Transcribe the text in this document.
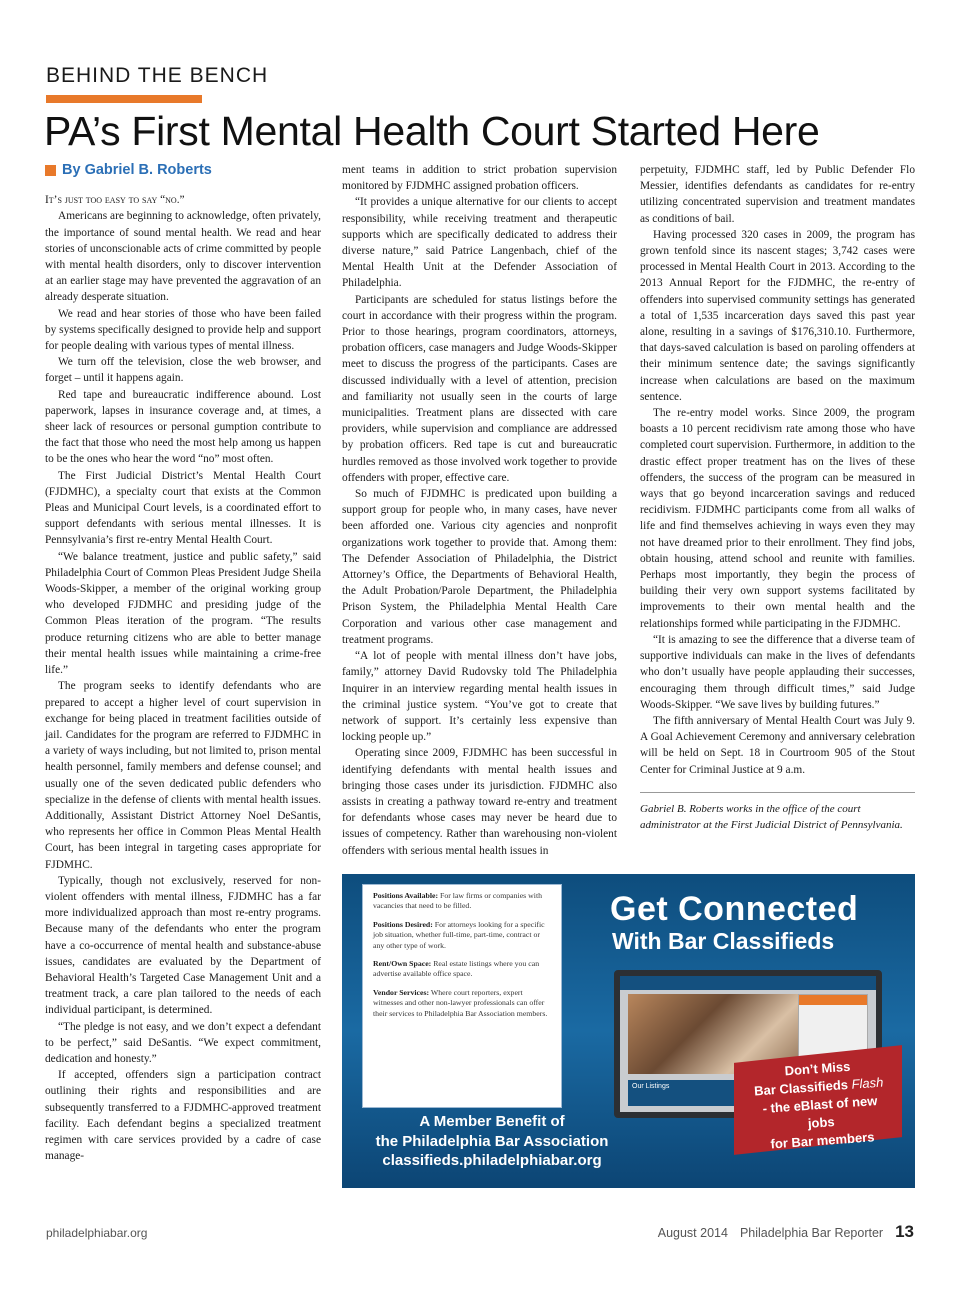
BEHIND THE BENCH
PA’s First Mental Health Court Started Here
By Gabriel B. Roberts

It’s just too easy to say “no.”

Americans are beginning to acknowledge, often privately, the importance of sound mental health. We read and hear stories of unconscionable acts of crime committed by people with mental health disorders, only to discover intervention at an earlier stage may have prevented the aggravation of an already desperate situation.

We read and hear stories of those who have been failed by systems specifically designed to provide help and support for people dealing with various types of mental illness.

We turn off the television, close the web browser, and forget – until it happens again.

Red tape and bureaucratic indifference abound. Lost paperwork, lapses in insurance coverage and, at times, a sheer lack of resources or personal gumption contribute to the fact that those who need the most help among us happen to be the ones who hear the word “no” most often.

The First Judicial District’s Mental Health Court (FJDMHC), a specialty court that exists at the Common Pleas and Municipal Court levels, is a coordinated effort to support defendants with serious mental illnesses. It is Pennsylvania’s first re-entry Mental Health Court.

“We balance treatment, justice and public safety,” said Philadelphia Court of Common Pleas President Judge Sheila Woods-Skipper, a member of the original working group who developed FJDMHC and presiding judge of the Common Pleas iteration of the program. “The results produce returning citizens who are able to better manage their mental health issues while maintaining a crime-free life.”

The program seeks to identify defendants who are prepared to accept a higher level of court supervision in exchange for being placed in treatment facilities outside of jail. Candidates for the program are referred to FJDMHC in a variety of ways including, but not limited to, prison mental health personnel, family members and defense counsel; and usually one of the seven dedicated public defenders who specialize in the defense of clients with mental health issues. Additionally, Assistant District Attorney Noel DeSantis, who represents her office in Common Pleas Mental Health Court, has been integral in targeting cases appropriate for FJDMHC.

Typically, though not exclusively, reserved for non-violent offenders with mental illness, FJDMHC has a far more individualized approach than most re-entry programs. Because many of the defendants who enter the program have a co-occurrence of mental health and substance-abuse issues, candidates are evaluated by the Department of Behavioral Health’s Targeted Case Management Unit and a treatment track, a care plan tailored to the needs of each individual participant, is determined.

“The pledge is not easy, and we don’t expect a defendant to be perfect,” said DeSantis. “We expect commitment, dedication and honesty.”

If accepted, offenders sign a participation contract outlining their rights and responsibilities and are subsequently transferred to a FJDMHC-approved treatment facility. Each defendant begins a specialized treatment regimen with care services provided by a cadre of case manage-

ment teams in addition to strict probation supervision monitored by FJDMHC assigned probation officers.

“It provides a unique alternative for our clients to accept responsibility, while receiving treatment and therapeutic supports which are specifically dedicated to address their diverse nature,” said Patrice Langenbach, chief of the Mental Health Unit at the Defender Association of Philadelphia.

Participants are scheduled for status listings before the court in accordance with their progress within the program. Prior to those hearings, program coordinators, attorneys, probation officers, case managers and Judge Woods-Skipper meet to discuss the progress of the participants. Cases are discussed individually with a level of attention, precision and familiarity not usually seen in the courts of large municipalities. Treatment plans are dissected with care providers, while supervision and compliance are addressed by probation officers. Red tape is cut and bureaucratic hurdles removed as those involved work together to provide offenders with proper, effective care.

So much of FJDMHC is predicated upon building a support group for people who, in many cases, have never been afforded one. Various city agencies and nonprofit organizations work together to provide that. Among them: The Defender Association of Philadelphia, the District Attorney’s Office, the Departments of Behavioral Health, the Adult Probation/Parole Department, the Philadelphia Prison System, the Philadelphia Mental Health Care Corporation and various other case management and treatment programs.

“A lot of people with mental illness don’t have jobs, family,” attorney David Rudovsky told The Philadelphia Inquirer in an interview regarding mental health issues in the criminal justice system. “You’ve got to create that network of support. It’s certainly less expensive than locking people up.”

Operating since 2009, FJDMHC has been successful in identifying defendants with mental health issues and bringing those cases under its jurisdiction. FJDMHC also assists in creating a pathway toward re-entry and treatment for defendants whose cases may never be heard due to issues of competency. Rather than warehousing non-violent offenders with serious mental health issues in

perpetuity, FJDMHC staff, led by Public Defender Flo Messier, identifies defendants as candidates for re-entry utilizing concentrated supervision and treatment mandates as conditions of bail.

Having processed 320 cases in 2009, the program has grown tenfold since its nascent stages; 3,742 cases were processed in Mental Health Court in 2013. According to the 2013 Annual Report for the FJDMHC, the re-entry of offenders into supervised community settings has generated a total of 1,535 incarceration days saved this past year alone, resulting in a savings of $176,310.10. Furthermore, that days-saved calculation is based on paroling offenders at their minimum sentence date; the savings significantly increase when calculations are based on the maximum sentence.

The re-entry model works. Since 2009, the program boasts a 10 percent recidivism rate among those who have completed court supervision. Furthermore, in addition to the drastic effect proper treatment has on the lives of these offenders, the success of the program can be measured in ways that go beyond incarceration savings and reduced recidivism. FJDMHC participants come from all walks of life and find themselves achieving in ways even they may not have dreamed prior to their enrollment. They find jobs, obtain housing, attend school and reunite with families. Perhaps most importantly, they begin the process of building their very own support systems facilitated by improvements to their own mental health and the relationships formed while participating in the FJDMHC.

“It is amazing to see the difference that a diverse team of supportive individuals can make in the lives of defendants who don’t usually have people applauding their successes, encouraging them through difficult times,” said Judge Woods-Skipper. “We save lives by building futures.”

The fifth anniversary of Mental Health Court was July 9. A Goal Achievement Ceremony and anniversary celebration will be held on Sept. 18 in Courtroom 905 of the Stout Center for Criminal Justice at 9 a.m.

Gabriel B. Roberts works in the office of the court administrator at the First Judicial District of Pennsylvania.

Positions Available: For law firms or companies with vacancies that need to be filled.

Positions Desired: For attorneys looking for a specific job situation, whether full-time, part-time, contract or any other type of work.

Rent/Own Space: Real estate listings where you can advertise available office space.

Vendor Services: Where court reporters, expert witnesses and other non-lawyer professionals can offer their services to Philadelphia Bar Association members.

Get Connected
With Bar Classifieds
Our Listings
Don’t Miss
Bar Classifieds Flash
- the eBlast of new jobs
for Bar members
A Member Benefit of
the Philadelphia Bar Association
classifieds.philadelphiabar.org
philadelphiabar.org	August 2014 Philadelphia Bar Reporter 13
